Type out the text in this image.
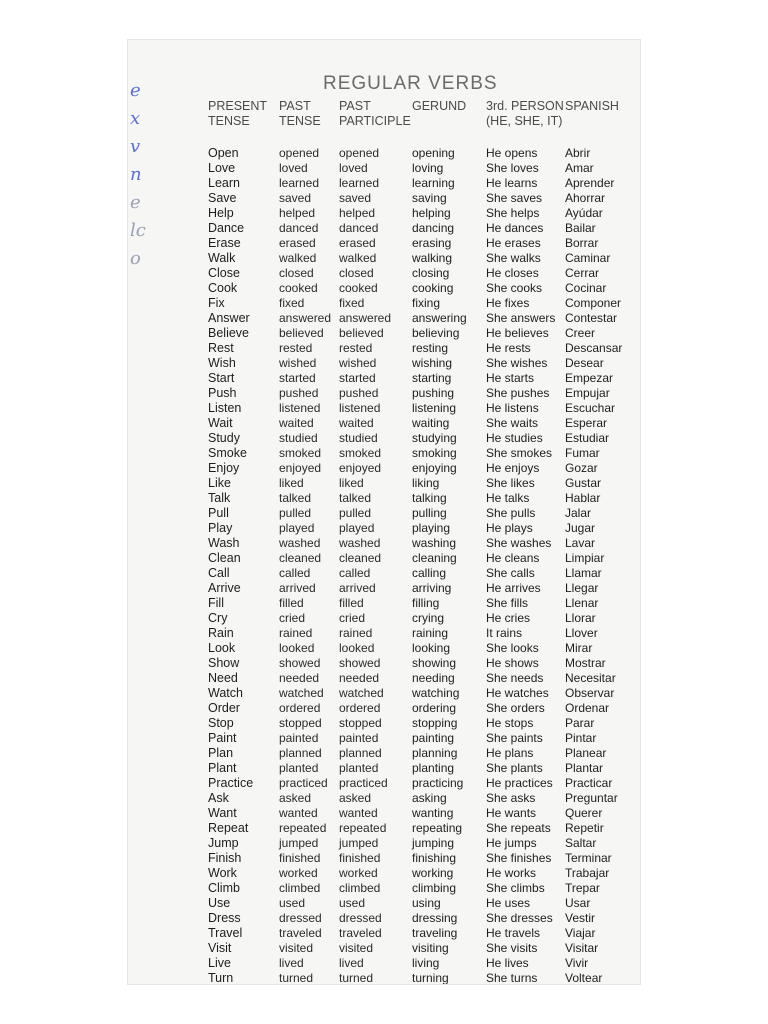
e
x
v
n
e
lc
o
REGULAR VERBS
PRESENT
TENSE
PAST
TENSE
PAST
PARTICIPLE
GERUND 3rd. PERSON
(HE, SHE, IT)
SPANISH
Open
Love
Learn
Save
Help
Dance
Erase
Walk
Close
Cook
Fix
Answer
Believe
Rest
Wish
Start
Push
Listen
Wait
Study
Smoke
Enjoy
Like
Talk
Pull
Play
Wash
Clean
Call
Arrive
Fill
Cry
Rain
Look
Show
Need
Watch
Order
Stop
Paint
Plan
Plant
Practice
Ask
Want
Repeat
Jump
Finish
Work
Climb
Use
Dress
Travel
Visit
Live
Turn
opened
loved
learned
saved
helped
danced
erased
walked
closed
cooked
fixed
answered
believed
rested
wished
started
pushed
listened
waited
studied
smoked
enjoyed
liked
talked
pulled
played
washed
cleaned
called
arrived
filled
cried
rained
looked
showed
needed
watched
ordered
stopped
painted
planned
planted
practiced
asked
wanted
repeated
jumped
finished
worked
climbed
used
dressed
traveled
visited
lived
turned
opened
loved
learned
saved
helped
danced
erased
walked
closed
cooked
fixed
answered
believed
rested
wished
started
pushed
listened
waited
studied
smoked
enjoyed
liked
talked
pulled
played
washed
cleaned
called
arrived
filled
cried
rained
looked
showed
needed
watched
ordered
stopped
painted
planned
planted
practiced
asked
wanted
repeated
jumped
finished
worked
climbed
used
dressed
traveled
visited
lived
turned
opening
loving
learning
saving
helping
dancing
erasing
walking
closing
cooking
fixing
answering
believing
resting
wishing
starting
pushing
listening
waiting
studying
smoking
enjoying
liking
talking
pulling
playing
washing
cleaning
calling
arriving
filling
crying
raining
looking
showing
needing
watching
ordering
stopping
painting
planning
planting
practicing
asking
wanting
repeating
jumping
finishing
working
climbing
using
dressing
traveling
visiting
living
turning
He opens
She loves
He learns
She saves
She helps
He dances
He erases
She walks
He closes
She cooks
He fixes
She answers
He believes
He rests
She wishes
He starts
She pushes
He listens
She waits
He studies
She smokes
He enjoys
She likes
He talks
She pulls
He plays
She washes
He cleans
She calls
He arrives
She fills
He cries
It rains
She looks
He shows
She needs
He watches
She orders
He stops
She paints
He plans
She plants
He practices
She asks
He wants
She repeats
He jumps
She finishes
He works
She climbs
He uses
She dresses
He travels
She visits
He lives
She turns
Abrir
Amar
Aprender
Ahorrar
Ayúdar
Bailar
Borrar
Caminar
Cerrar
Cocinar
Componer
Contestar
Creer
Descansar
Desear
Empezar
Empujar
Escuchar
Esperar
Estudiar
Fumar
Gozar
Gustar
Hablar
Jalar
Jugar
Lavar
Limpiar
Llamar
Llegar
Llenar
Llorar
Llover
Mirar
Mostrar
Necesitar
Observar
Ordenar
Parar
Pintar
Planear
Plantar
Practicar
Preguntar
Querer
Repetir
Saltar
Terminar
Trabajar
Trepar
Usar
Vestir
Viajar
Visitar
Vivir
Voltear
